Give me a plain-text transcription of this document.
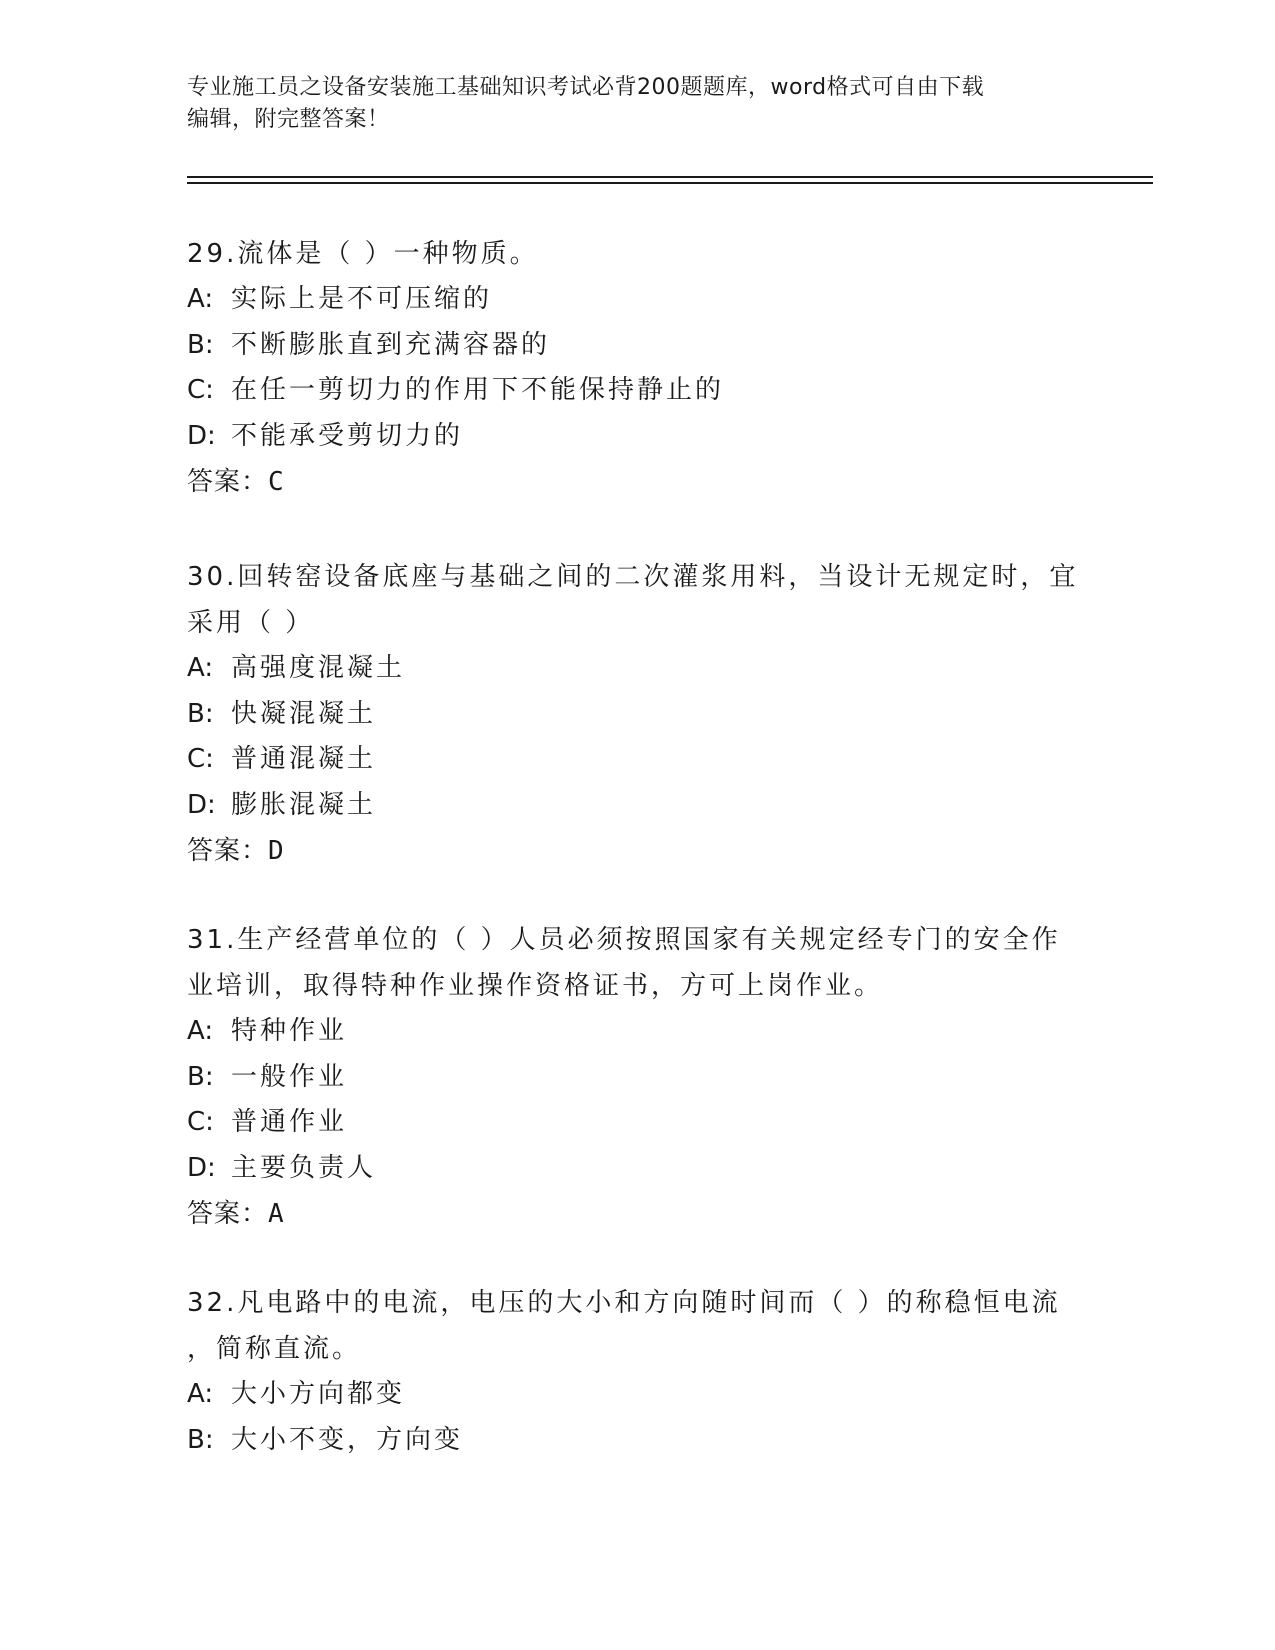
专业施工员之设备安装施工基础知识考试必背200题题库，word格式可自由下载
编辑，附完整答案！
29.流体是（ ）一种物质。
A: 实际上是不可压缩的
B: 不断膨胀直到充满容器的
C: 在任一剪切力的作用下不能保持静止的
D: 不能承受剪切力的
答案：C
30.回转窑设备底座与基础之间的二次灌浆用料，当设计无规定时，宜
采用（ ）
A: 高强度混凝土
B: 快凝混凝土
C: 普通混凝土
D: 膨胀混凝土
答案：D
31.生产经营单位的（ ）人员必须按照国家有关规定经专门的安全作
业培训，取得特种作业操作资格证书，方可上岗作业。
A: 特种作业
B: 一般作业
C: 普通作业
D: 主要负责人
答案：A
32.凡电路中的电流，电压的大小和方向随时间而（ ）的称稳恒电流
，简称直流。
A: 大小方向都变
B: 大小不变，方向变
